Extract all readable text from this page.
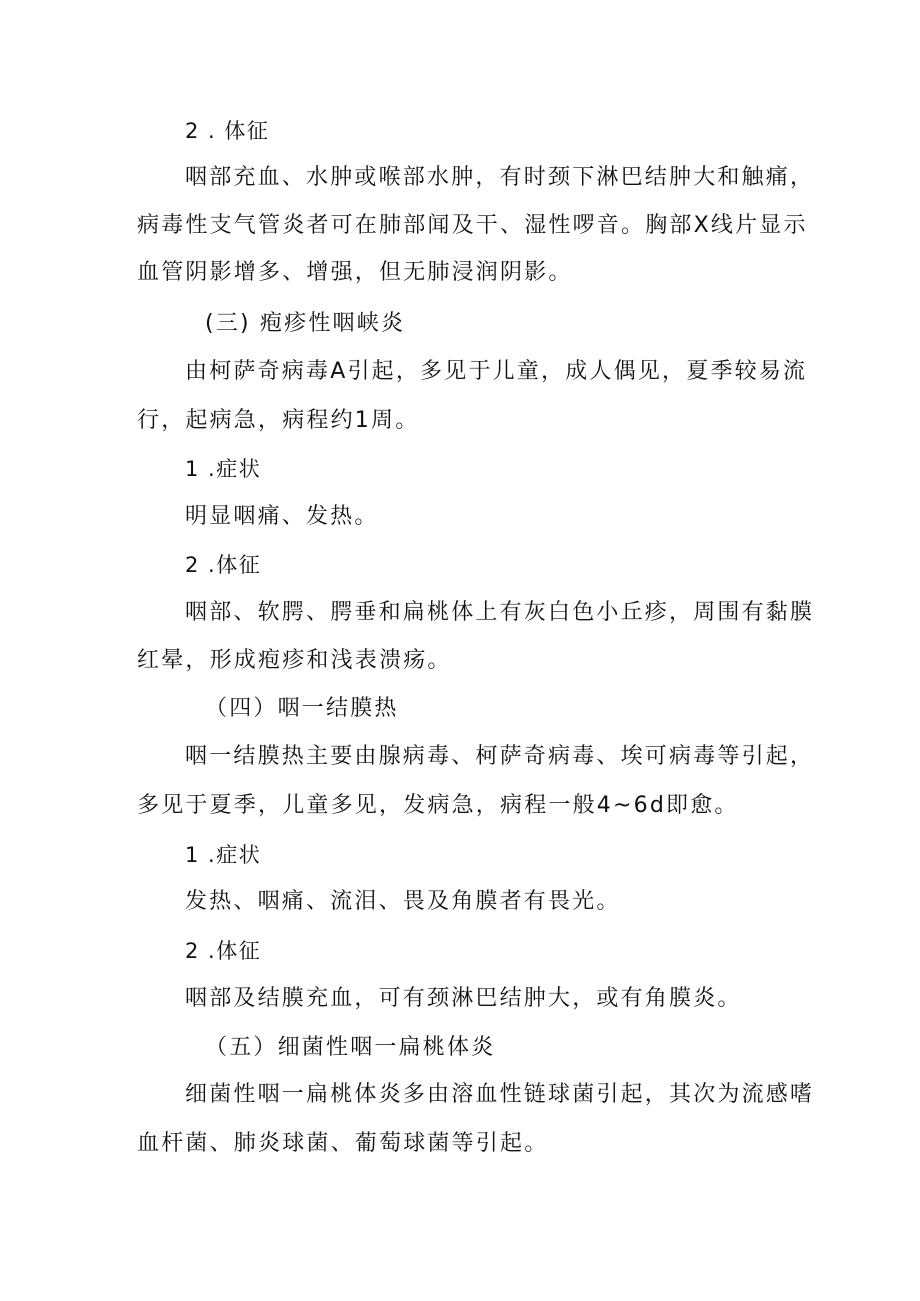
2 . 体征
咽部充血、水肿或喉部水肿，有时颈下淋巴结肿大和触痛，
病毒性支气管炎者可在肺部闻及干、湿性啰音。胸部X线片显示
血管阴影增多、增强，但无肺浸润阴影。
(三) 疱疹性咽峡炎
由柯萨奇病毒A引起，多见于儿童，成人偶见，夏季较易流
行，起病急，病程约1周。
1 .症状
明显咽痛、发热。
2 .体征
咽部、软腭、腭垂和扁桃体上有灰白色小丘疹，周围有黏膜
红晕，形成疱疹和浅表溃疡。
（四）咽一结膜热
咽一结膜热主要由腺病毒、柯萨奇病毒、埃可病毒等引起，
多见于夏季，儿童多见，发病急，病程一般4~6d即愈。
1 .症状
发热、咽痛、流泪、畏及角膜者有畏光。
2 .体征
咽部及结膜充血，可有颈淋巴结肿大，或有角膜炎。
（五）细菌性咽一扁桃体炎
细菌性咽一扁桃体炎多由溶血性链球菌引起，其次为流感嗜
血杆菌、肺炎球菌、葡萄球菌等引起。
